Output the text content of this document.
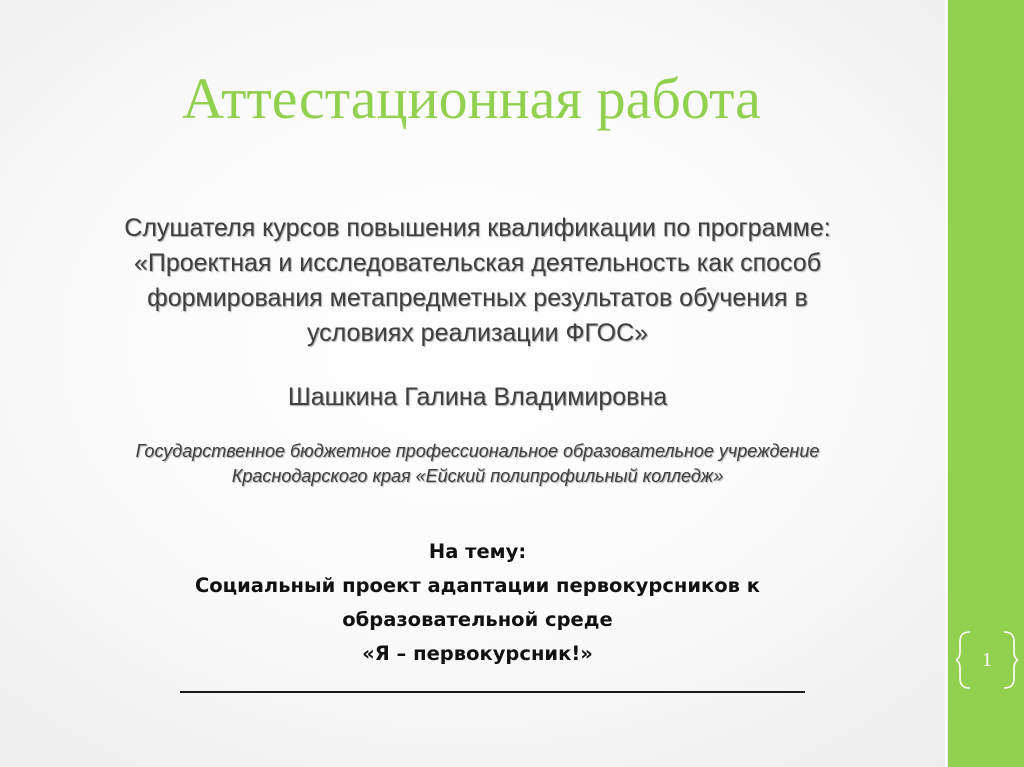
Аттестационная работа
Слушателя курсов повышения квалификации по программе:
«Проектная и исследовательская деятельность как способ
формирования метапредметных результатов обучения в
условиях реализации ФГОС»
Шашкина Галина Владимировна
Государственное бюджетное профессиональное образовательное учреждение
Краснодарского края «Ейский полипрофильный колледж»
На тему:
Социальный проект адаптации первокурсников к
образовательной среде
«Я – первокурсник!»	1
